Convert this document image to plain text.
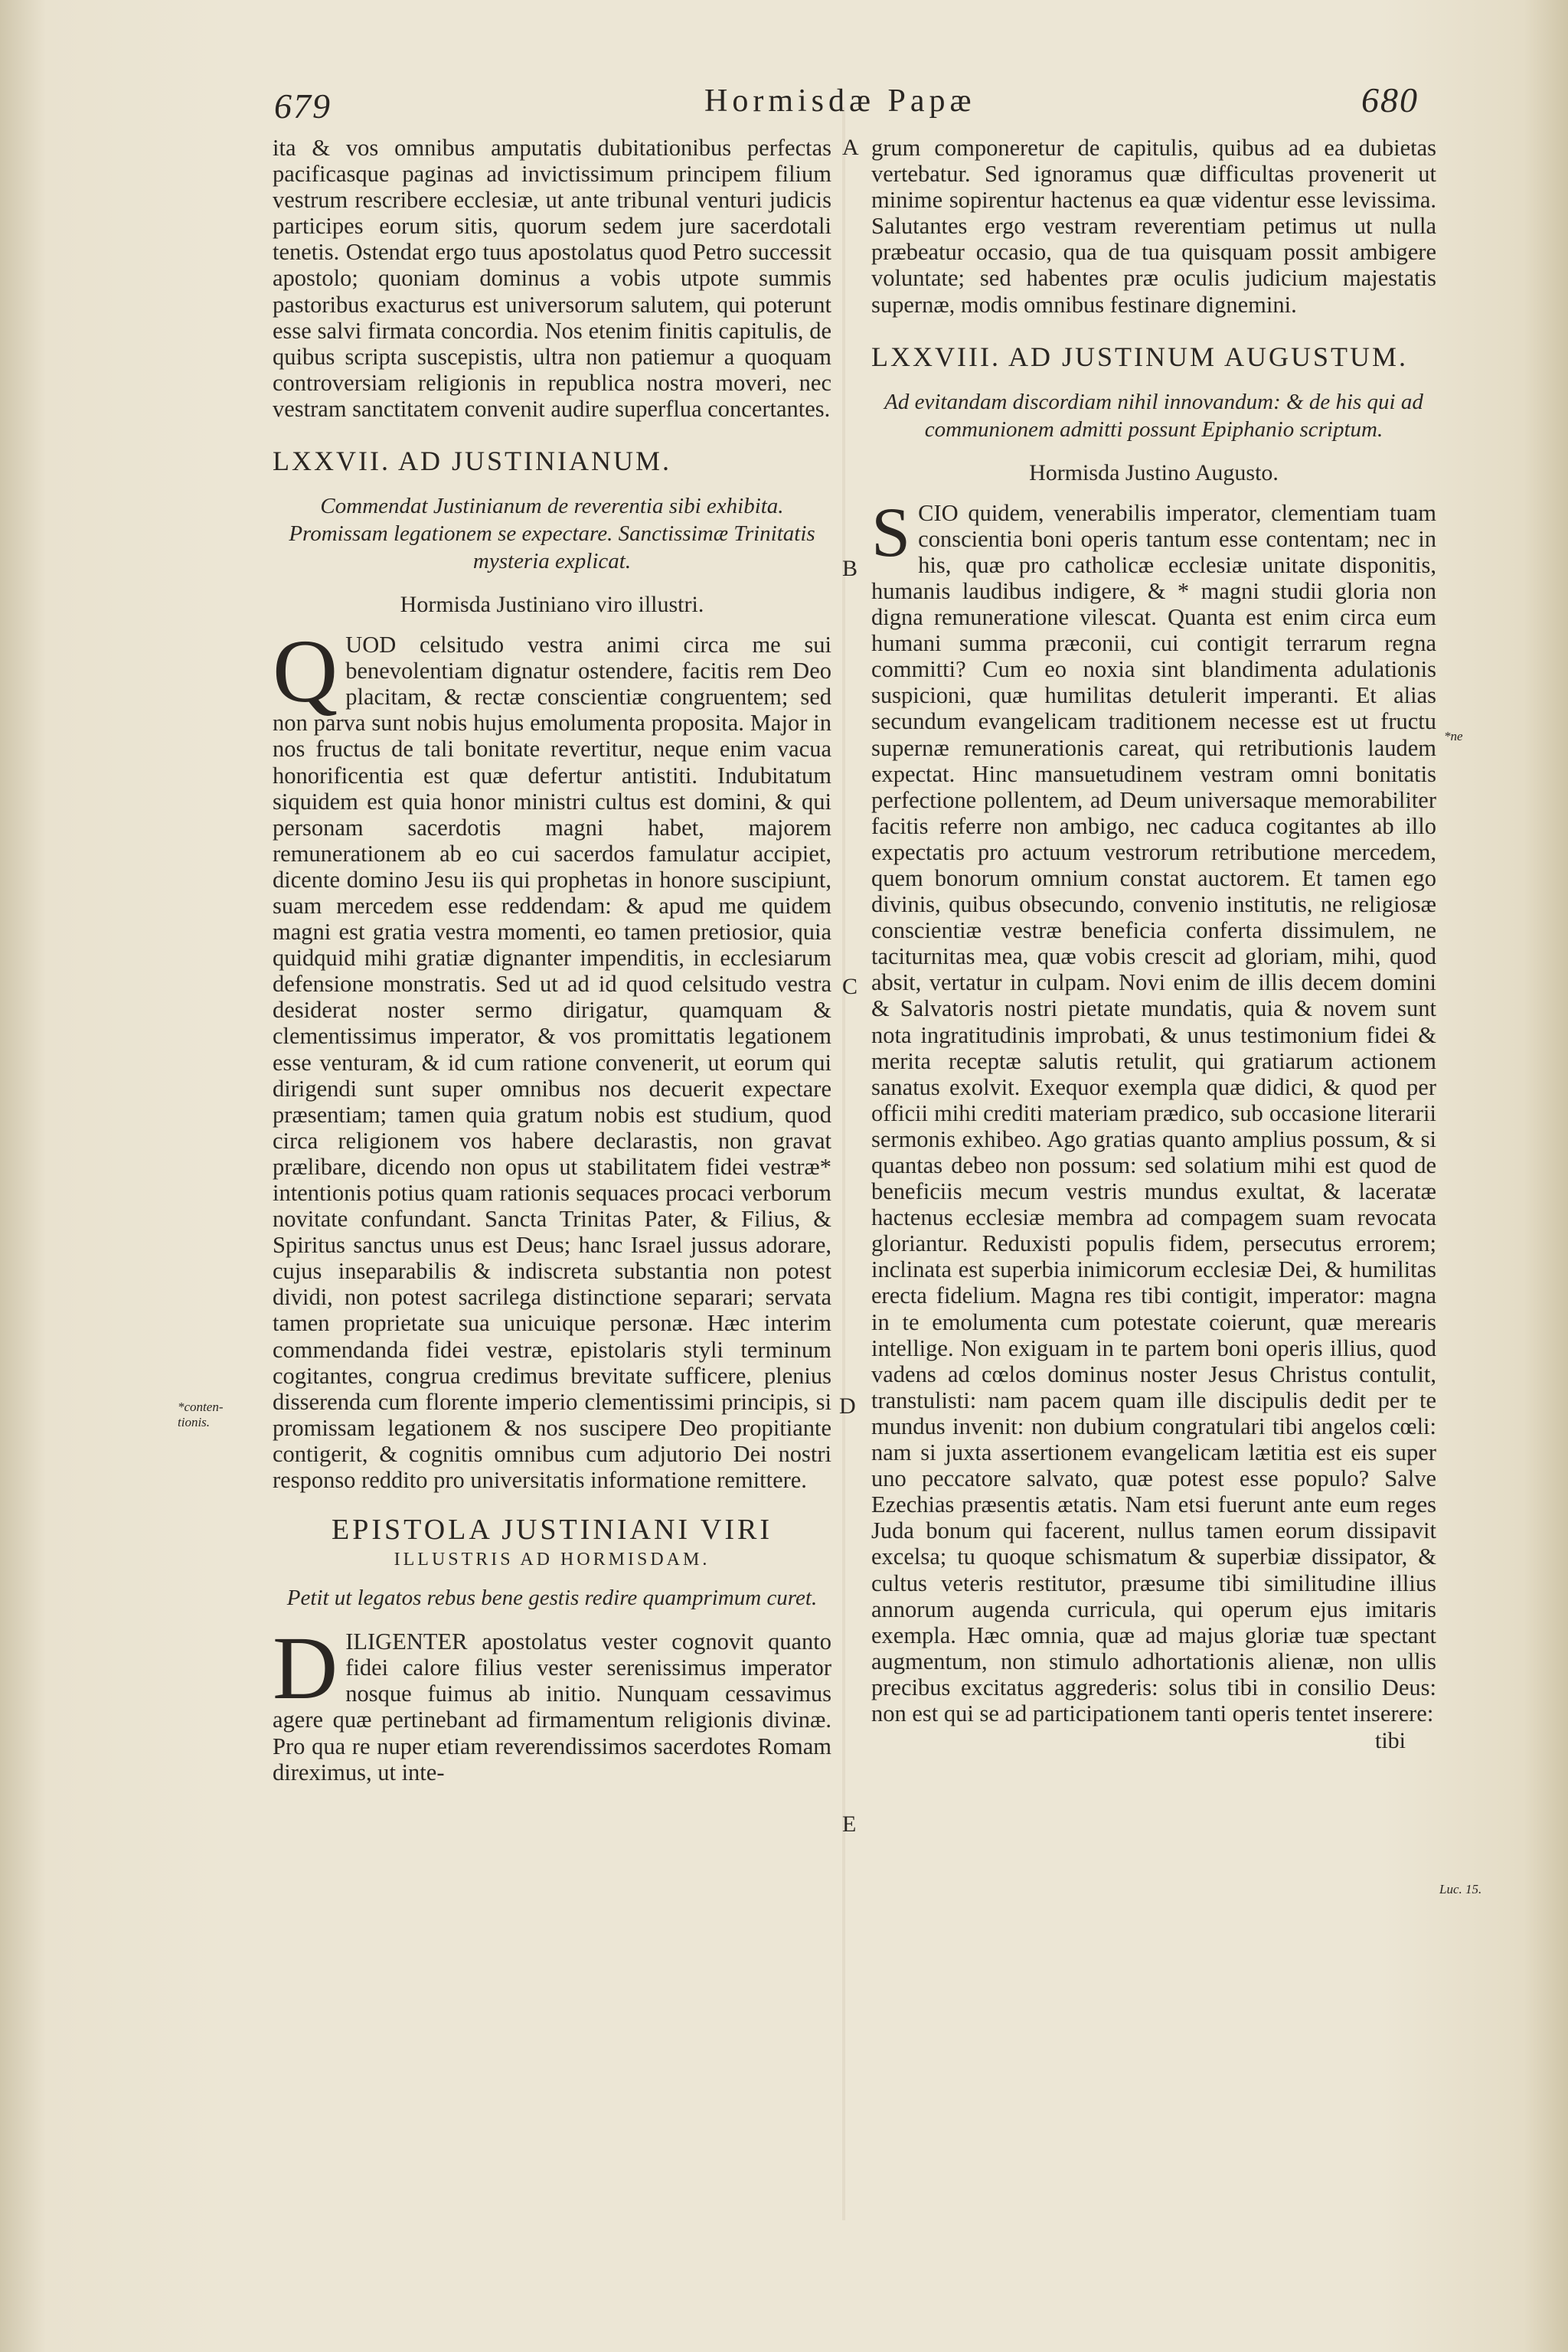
679	Hormisdæ Papæ	680
A
B
C
D
E
*conten-tionis.
*ne
Luc. 15.

ita & vos omnibus amputatis dubitationibus perfectas pacificasque paginas ad invictissimum principem filium vestrum rescribere ecclesiæ, ut ante tribunal venturi judicis participes eorum sitis, quorum sedem jure sacerdotali tenetis. Ostendat ergo tuus apostolatus quod Petro successit apostolo; quoniam dominus a vobis utpote summis pastoribus exacturus est universorum salutem, qui poterunt esse salvi firmata concordia. Nos etenim finitis capitulis, de quibus scripta suscepistis, ultra non patiemur a quoquam controversiam religionis in republica nostra moveri, nec vestram sanctitatem convenit audire superflua concertantes.

LXXVII. AD JUSTINIANUM.
Commendat Justinianum de reverentia sibi exhibita. Promissam legationem se expectare. Sanctissimæ Trinitatis mysteria explicat.
Hormisda Justiniano viro illustri.

Q UOD celsitudo vestra animi circa me sui benevolentiam dignatur ostendere, facitis rem Deo placitam, & rectæ conscientiæ congruentem; sed non parva sunt nobis hujus emolumenta proposita. Major in nos fructus de tali bonitate revertitur, neque enim vacua honorificentia est quæ defertur antistiti. Indubitatum siquidem est quia honor ministri cultus est domini, & qui personam sacerdotis magni habet, majorem remunerationem ab eo cui sacerdos famulatur accipiet, dicente domino Jesu iis qui prophetas in honore suscipiunt, suam mercedem esse reddendam: & apud me quidem magni est gratia vestra momenti, eo tamen pretiosior, quia quidquid mihi gratiæ dignanter impenditis, in ecclesiarum defensione monstratis. Sed ut ad id quod celsitudo vestra desiderat noster sermo dirigatur, quamquam & clementissimus imperator, & vos promittatis legationem esse venturam, & id cum ratione convenerit, ut eorum qui dirigendi sunt super omnibus nos decuerit expectare præsentiam; tamen quia gratum nobis est studium, quod circa religionem vos habere declarastis, non gravat prælibare, dicendo non opus ut stabilitatem fidei vestræ* intentionis potius quam rationis sequaces procaci verborum novitate confundant. Sancta Trinitas Pater, & Filius, & Spiritus sanctus unus est Deus; hanc Israel jussus adorare, cujus inseparabilis & indiscreta substantia non potest dividi, non potest sacrilega distinctione separari; servata tamen proprietate sua unicuique personæ. Hæc interim commendanda fidei vestræ, epistolaris styli terminum cogitantes, congrua credimus brevitate sufficere, plenius disserenda cum florente imperio clementissimi principis, si promissam legationem & nos suscipere Deo propitiante contigerit, & cognitis omnibus cum adjutorio Dei nostri responso reddito pro universitatis informatione remittere.

EPISTOLA JUSTINIANI VIRI
ILLUSTRIS AD HORMISDAM.
Petit ut legatos rebus bene gestis redire quamprimum curet.

D ILIGENTER apostolatus vester cognovit quanto fidei calore filius vester serenissimus imperator nosque fuimus ab initio. Nunquam cessavimus agere quæ pertinebant ad firmamentum religionis divinæ. Pro qua re nuper etiam reverendissimos sacerdotes Romam direximus, ut inte-

grum componeretur de capitulis, quibus ad ea dubietas vertebatur. Sed ignoramus quæ difficultas provenerit ut minime sopirentur hactenus ea quæ videntur esse levissima. Salutantes ergo vestram reverentiam petimus ut nulla præbeatur occasio, qua de tua quisquam possit ambigere voluntate; sed habentes præ oculis judicium majestatis supernæ, modis omnibus festinare dignemini.

LXXVIII. AD JUSTINUM AUGUSTUM.
Ad evitandam discordiam nihil innovandum: & de his qui ad communionem admitti possunt Epiphanio scriptum.
Hormisda Justino Augusto.

S CIO quidem, venerabilis imperator, clementiam tuam conscientia boni operis tantum esse contentam; nec in his, quæ pro catholicæ ecclesiæ unitate disponitis, humanis laudibus indigere, & * magni studii gloria non digna remuneratione vilescat. Quanta est enim circa eum humani summa præconii, cui contigit terrarum regna committi? Cum eo noxia sint blandimenta adulationis suspicioni, quæ humilitas detulerit imperanti. Et alias secundum evangelicam traditionem necesse est ut fructu supernæ remunerationis careat, qui retributionis laudem expectat. Hinc mansuetudinem vestram omni bonitatis perfectione pollentem, ad Deum universaque memorabiliter facitis referre non ambigo, nec caduca cogitantes ab illo expectatis pro actuum vestrorum retributione mercedem, quem bonorum omnium constat auctorem. Et tamen ego divinis, quibus obsecundo, convenio institutis, ne religiosæ conscientiæ vestræ beneficia conferta dissimulem, ne taciturnitas mea, quæ vobis crescit ad gloriam, mihi, quod absit, vertatur in culpam. Novi enim de illis decem domini & Salvatoris nostri pietate mundatis, quia & novem sunt nota ingratitudinis improbati, & unus testimonium fidei & merita receptæ salutis retulit, qui gratiarum actionem sanatus exolvit. Exequor exempla quæ didici, & quod per officii mihi crediti materiam prædico, sub occasione literarii sermonis exhibeo. Ago gratias quanto amplius possum, & si quantas debeo non possum: sed solatium mihi est quod de beneficiis mecum vestris mundus exultat, & laceratæ hactenus ecclesiæ membra ad compagem suam revocata gloriantur. Reduxisti populis fidem, persecutus errorem; inclinata est superbia inimicorum ecclesiæ Dei, & humilitas erecta fidelium. Magna res tibi contigit, imperator: magna in te emolumenta cum potestate coierunt, quæ merearis intellige. Non exiguam in te partem boni operis illius, quod vadens ad cœlos dominus noster Jesus Christus contulit, transtulisti: nam pacem quam ille discipulis dedit per te mundus invenit: non dubium congratulari tibi angelos cœli: nam si juxta assertionem evangelicam lætitia est eis super uno peccatore salvato, quæ potest esse populo? Salve Ezechias præsentis ætatis. Nam etsi fuerunt ante eum reges Juda bonum qui facerent, nullus tamen eorum dissipavit excelsa; tu quoque schismatum & superbiæ dissipator, & cultus veteris restitutor, præsume tibi similitudine illius annorum augenda curricula, qui operum ejus imitaris exempla. Hæc omnia, quæ ad majus gloriæ tuæ spectant augmentum, non stimulo adhortationis alienæ, non ullis precibus excitatus aggrederis: solus tibi in consilio Deus: non est qui se ad participationem tanti operis tentet inserere:

tibi
